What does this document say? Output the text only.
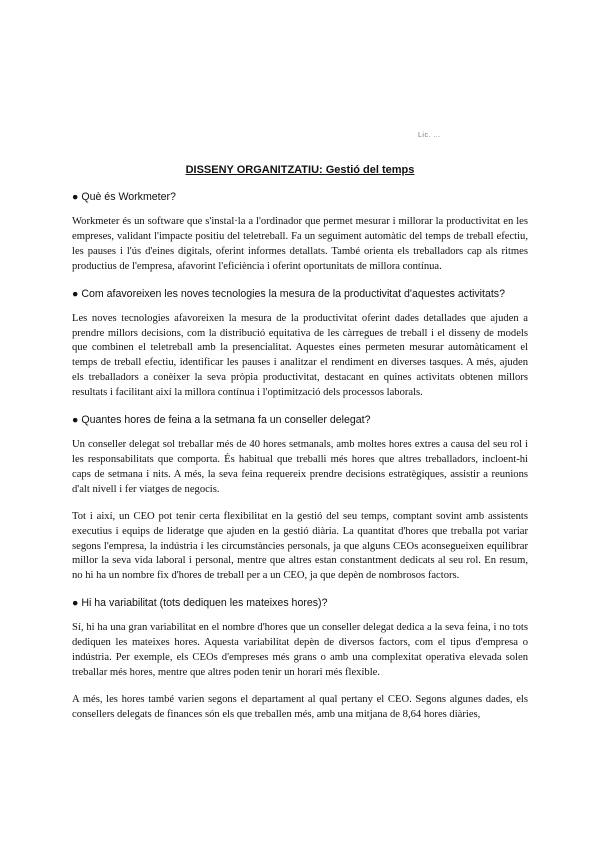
Lic. ...
DISSENY ORGANITZATIU: Gestió del temps
● Què és Workmeter?
Workmeter és un software que s'instal·la a l'ordinador que permet mesurar i millorar la productivitat en les empreses, validant l'impacte positiu del teletreball. Fa un seguiment automàtic del temps de treball efectiu, les pauses i l'ús d'eines digitals, oferint informes detallats. També orienta els treballadors cap als ritmes productius de l'empresa, afavorint l'eficiència i oferint oportunitats de millora contínua.
● Com afavoreixen les noves tecnologies la mesura de la productivitat d'aquestes activitats?
Les noves tecnologies afavoreixen la mesura de la productivitat oferint dades detallades que ajuden a prendre millors decisions, com la distribució equitativa de les càrregues de treball i el disseny de models que combinen el teletreball amb la presencialitat. Aquestes eines permeten mesurar automàticament el temps de treball efectiu, identificar les pauses i analitzar el rendiment en diverses tasques. A més, ajuden els treballadors a conèixer la seva pròpia productivitat, destacant en quines activitats obtenen millors resultats i facilitant així la millora contínua i l'optimització dels processos laborals.
● Quantes hores de feina a la setmana fa un conseller delegat?
Un conseller delegat sol treballar més de 40 hores setmanals, amb moltes hores extres a causa del seu rol i les responsabilitats que comporta. És habitual que treballi més hores que altres treballadors, incloent-hi caps de setmana i nits. A més, la seva feina requereix prendre decisions estratègiques, assistir a reunions d'alt nivell i fer viatges de negocis.
Tot i així, un CEO pot tenir certa flexibilitat en la gestió del seu temps, comptant sovint amb assistents executius i equips de lideratge que ajuden en la gestió diària. La quantitat d'hores que treballa pot variar segons l'empresa, la indústria i les circumstàncies personals, ja que alguns CEOs aconsegueixen equilibrar millor la seva vida laboral i personal, mentre que altres estan constantment dedicats al seu rol. En resum, no hi ha un nombre fix d'hores de treball per a un CEO, ja que depèn de nombrosos factors.
● Hi ha variabilitat (tots dediquen les mateixes hores)?
Sí, hi ha una gran variabilitat en el nombre d'hores que un conseller delegat dedica a la seva feina, i no tots dediquen les mateixes hores. Aquesta variabilitat depèn de diversos factors, com el tipus d'empresa o indústria. Per exemple, els CEOs d'empreses més grans o amb una complexitat operativa elevada solen treballar més hores, mentre que altres poden tenir un horari més flexible.
A més, les hores també varien segons el departament al qual pertany el CEO. Segons algunes dades, els consellers delegats de finances són els que treballen més, amb una mitjana de 8,64 hores diàries,
